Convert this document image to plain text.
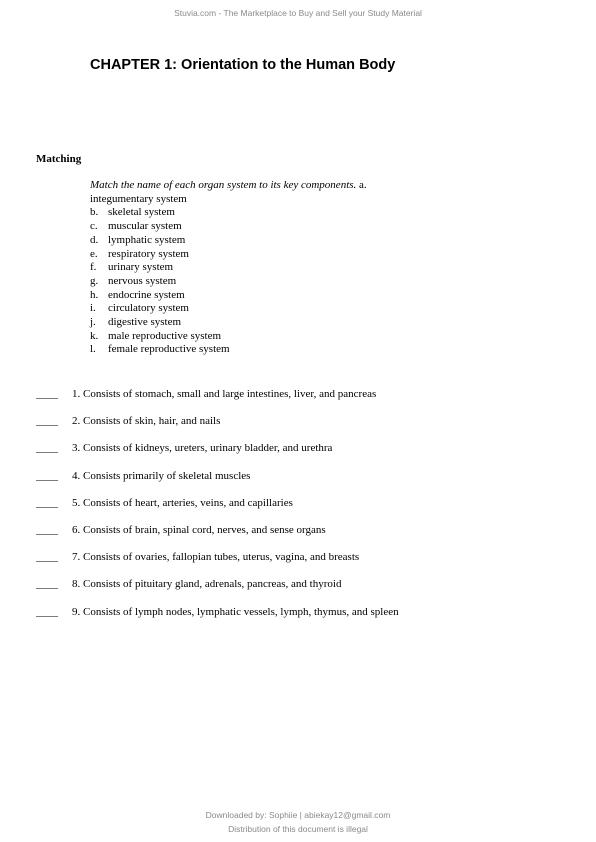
Stuvia.com - The Marketplace to Buy and Sell your Study Material
CHAPTER 1: Orientation to the Human Body
Matching
Match the name of each organ system to its key components. a.
integumentary system
b. skeletal system
c. muscular system
d. lymphatic system
e. respiratory system
f.	urinary system
g. nervous system
h. endocrine system
i.	circulatory system
j.	digestive system
k. male reproductive system
l.	female reproductive system
____ 1. Consists of stomach, small and large intestines, liver, and pancreas
____ 2. Consists of skin, hair, and nails
____ 3. Consists of kidneys, ureters, urinary bladder, and urethra
____ 4. Consists primarily of skeletal muscles
____ 5. Consists of heart, arteries, veins, and capillaries
____ 6. Consists of brain, spinal cord, nerves, and sense organs
____ 7. Consists of ovaries, fallopian tubes, uterus, vagina, and breasts
____ 8. Consists of pituitary gland, adrenals, pancreas, and thyroid
____ 9. Consists of lymph nodes, lymphatic vessels, lymph, thymus, and spleen
Downloaded by: Sophiie | abiekay12@gmail.com
Distribution of this document is illegal
